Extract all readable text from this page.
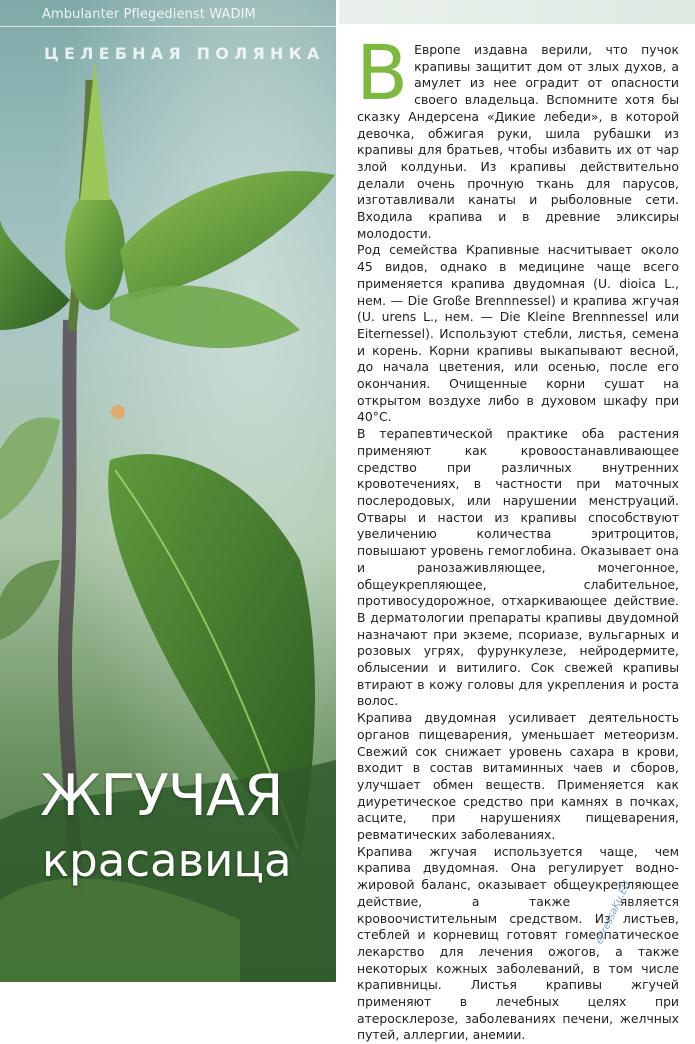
Ambulanter Pflegedienst WADIM
ЦЕЛЕБНАЯ ПОЛЯНКА
ЖГУЧАЯ
красавица

В Европе издавна верили, что пучок крапивы защитит дом от злых духов, а амулет из нее оградит от опасности своего владельца. Вспомните хотя бы сказку Андерсена «Дикие лебеди», в которой девочка, обжигая руки, шила рубашки из крапивы для братьев, чтобы избавить их от чар злой колдуньи. Из крапивы действительно делали очень прочную ткань для парусов, изготавливали канаты и рыболовные сети. Входила крапива и в древние эликсиры молодости.

Род семейства Крапивные насчитывает около 45 видов, однако в медицине чаще всего применяется крапива двудомная (U. dioica L., нем. — Die Große Brennnessel) и крапива жгучая (U. urens L., нем. — Die Kleine Brennnessel или Eiternessel). Используют стебли, листья, семена и корень. Корни крапивы выкапывают весной, до начала цветения, или осенью, после его окончания. Очищенные корни сушат на открытом воздухе либо в духовом шкафу при 40°С.

В терапевтической практике оба растения применяют как кровоостанавливающее средство при различных внутренних кровотечениях, в частности при маточных послеродовых, или нарушении менструаций. Отвары и настои из крапивы способствуют увеличению количества эритроцитов, повышают уровень гемоглобина. Оказывает она и ранозаживляющее, мочегонное, общеукрепляющее, слабительное, противосудорожное, отхаркивающее действие. В дерматологии препараты крапивы двудомной назначают при экземе, псориазе, вульгарных и розовых угрях, фурункулезе, нейродермите, облысении и витилиго. Сок свежей крапивы втирают в кожу головы для укрепления и роста волос.

Крапива двудомная усиливает деятельность органов пищеварения, уменьшает метеоризм. Свежий сок снижает уровень сахара в крови, входит в состав витаминных чаев и сборов, улучшает обмен веществ. Применяется как диуретическое средство при камнях в почках, асците, при нарушениях пищеварения, ревматических заболеваниях.

Крапива жгучая используется чаще, чем крапива двудомная. Она регулирует водно-жировой баланс, оказывает общеукрепляющее действие, а также является кровоочистительным средством. Из листьев, стеблей и корневищ готовят гомеопатическое лекарство для лечения ожогов, а также некоторых кожных заболеваний, в том числе крапивницы. Листья крапивы жгучей применяют в лечебных целях при атеросклерозе, заболеваниях печени, желчных путей, аллергии, анемии.

ePressaKu.EU
